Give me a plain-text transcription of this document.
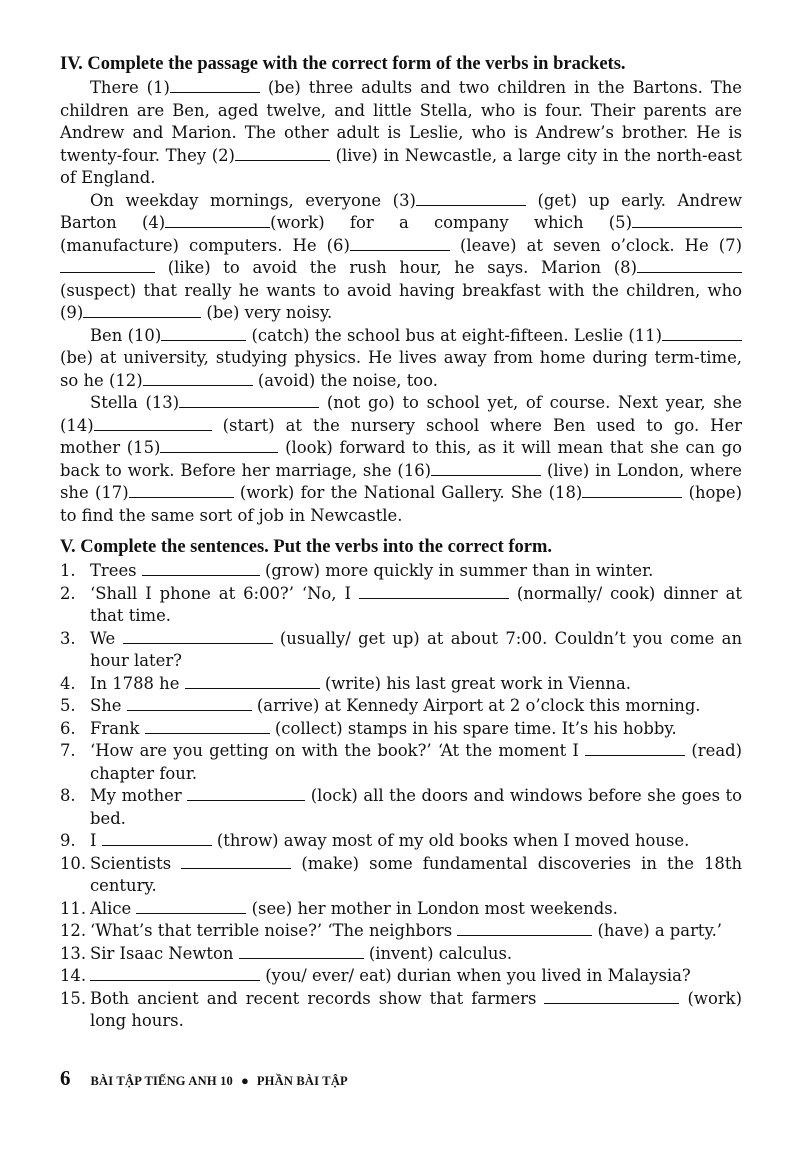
IV. Complete the passage with the correct form of the verbs in brackets.

There (1)	(be) three adults and two children in the Bartons. The children are Ben, aged twelve, and little Stella, who is four. Their parents are Andrew and Marion. The other adult is Leslie, who is Andrew’s brother. He is twenty-four. They (2)	(live) in Newcastle, a large city in the north-east of England.

On weekday mornings, everyone (3)	(get) up early. Andrew Barton (4)	(work) for a company which (5) (manufacture) computers. He (6)	(leave) at seven o’clock. He (7) (like) to avoid the rush hour, he says. Marion (8) (suspect) that really he wants to avoid having breakfast with the children, who (9)	(be) very noisy.

Ben (10)	(catch) the school bus at eight-fifteen. Leslie (11) (be) at university, studying physics. He lives away from home during term-time, so he (12)	(avoid) the noise, too.

Stella (13)	(not go) to school yet, of course. Next year, she (14)	(start) at the nursery school where Ben used to go. Her mother (15)	(look) forward to this, as it will mean that she can go back to work. Before her marriage, she (16)	(live) in London, where she (17)	(work) for the National Gallery. She (18)	(hope) to find the same sort of job in Newcastle.

V. Complete the sentences. Put the verbs into the correct form.
1. Trees	(grow) more quickly in summer than in winter.
2. ‘Shall I phone at 6:00?’ ‘No, I	(normally/ cook) dinner at that time.
3. We	(usually/ get up) at about 7:00. Couldn’t you come an hour later?
4. In 1788 he	(write) his last great work in Vienna.
5. She	(arrive) at Kennedy Airport at 2 o’clock this morning.
6. Frank	(collect) stamps in his spare time. It’s his hobby.
7. ‘How are you getting on with the book?’ ‘At the moment I	(read) chapter four.
8. My mother	(lock) all the doors and windows before she goes to bed.
9. I	(throw) away most of my old books when I moved house.
10. Scientists	(make) some fundamental discoveries in the 18th century.
11. Alice	(see) her mother in London most weekends.
12. ‘What’s that terrible noise?’ ‘The neighbors	(have) a party.’
13. Sir Isaac Newton	(invent) calculus.
14.	(you/ ever/ eat) durian when you lived in Malaysia?
15. Both ancient and recent records show that farmers	(work) long hours.
6 BÀI TẬP TIẾNG ANH 10 ● PHẦN BÀI TẬP
